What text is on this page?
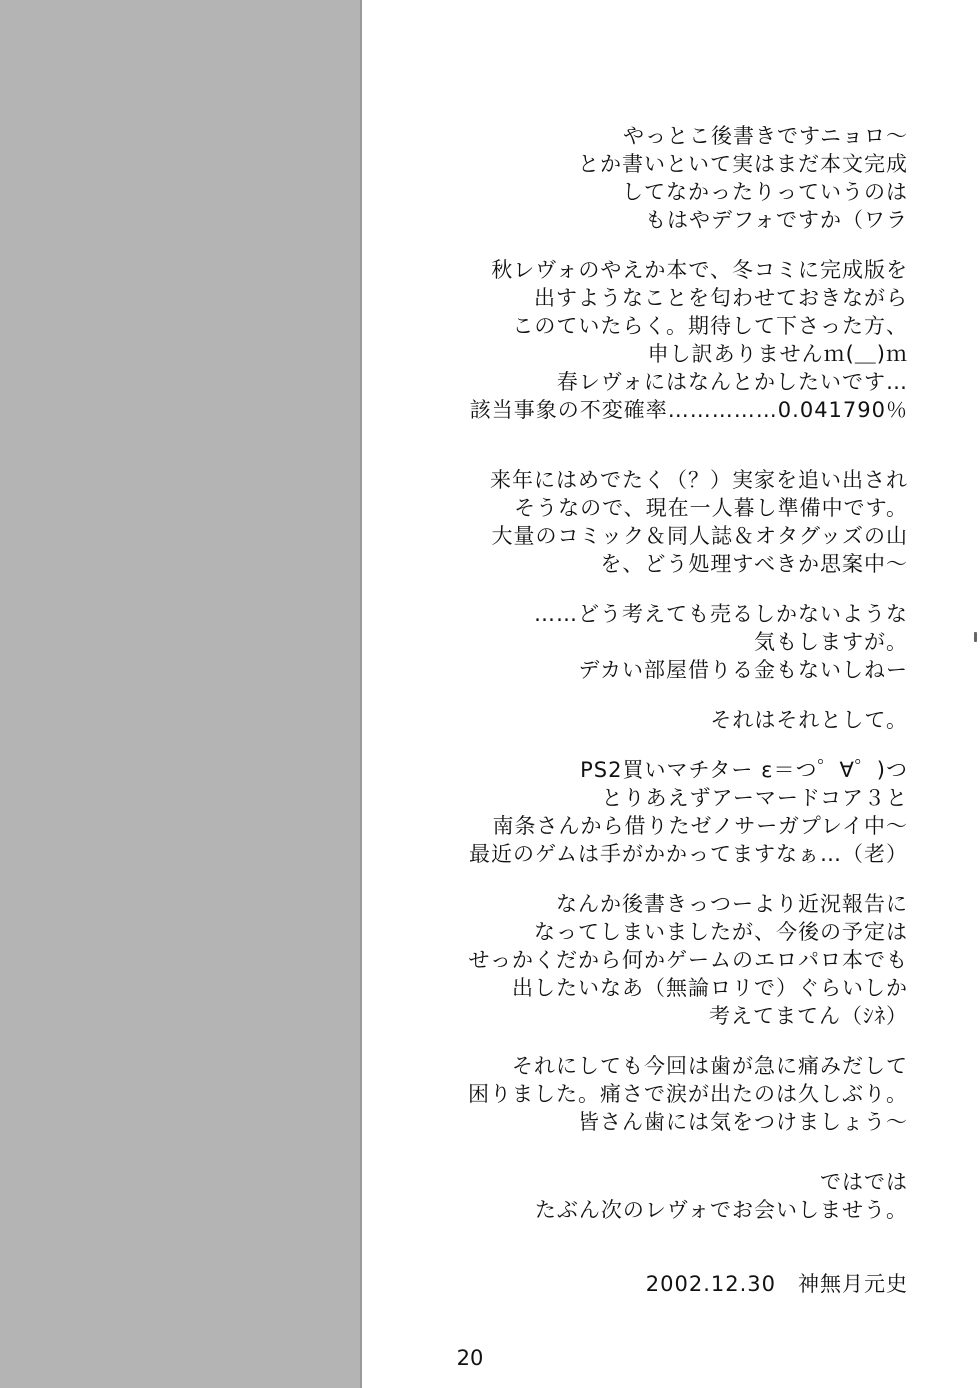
やっとこ後書きですニョロ～
とか書いといて実はまだ本文完成
してなかったりっていうのは
もはやデフォですか（ワラ
秋レヴォのやえか本で、冬コミに完成版を
出すようなことを匂わせておきながら
このていたらく。期待して下さった方、
申し訳ありませんｍ(＿)ｍ
春レヴォにはなんとかしたいです…
該当事象の不変確率……………0.041790％
来年にはめでたく（？）実家を追い出され
そうなので、現在一人暮し準備中です。
大量のコミック＆同人誌＆オタグッズの山
を、どう処理すべきか思案中～
……どう考えても売るしかないような
気もしますが。
デカい部屋借りる金もないしねー
それはそれとして。
PS2買いマチター ε＝つ゜∀゜)つ
とりあえずアーマードコア３と
南条さんから借りたゼノサーガプレイ中～
最近のゲムは手がかかってますなぁ…（老）
なんか後書きっつーより近況報告に
なってしまいましたが、今後の予定は
せっかくだから何かゲームのエロパロ本でも
出したいなあ（無論ロリで）ぐらいしか
考えてまてん（ｼﾈ）
それにしても今回は歯が急に痛みだして
困りました。痛さで涙が出たのは久しぶり。
皆さん歯には気をつけましょう～
ではでは
たぶん次のレヴォでお会いしませう。
2002.12.30　神無月元史
20
